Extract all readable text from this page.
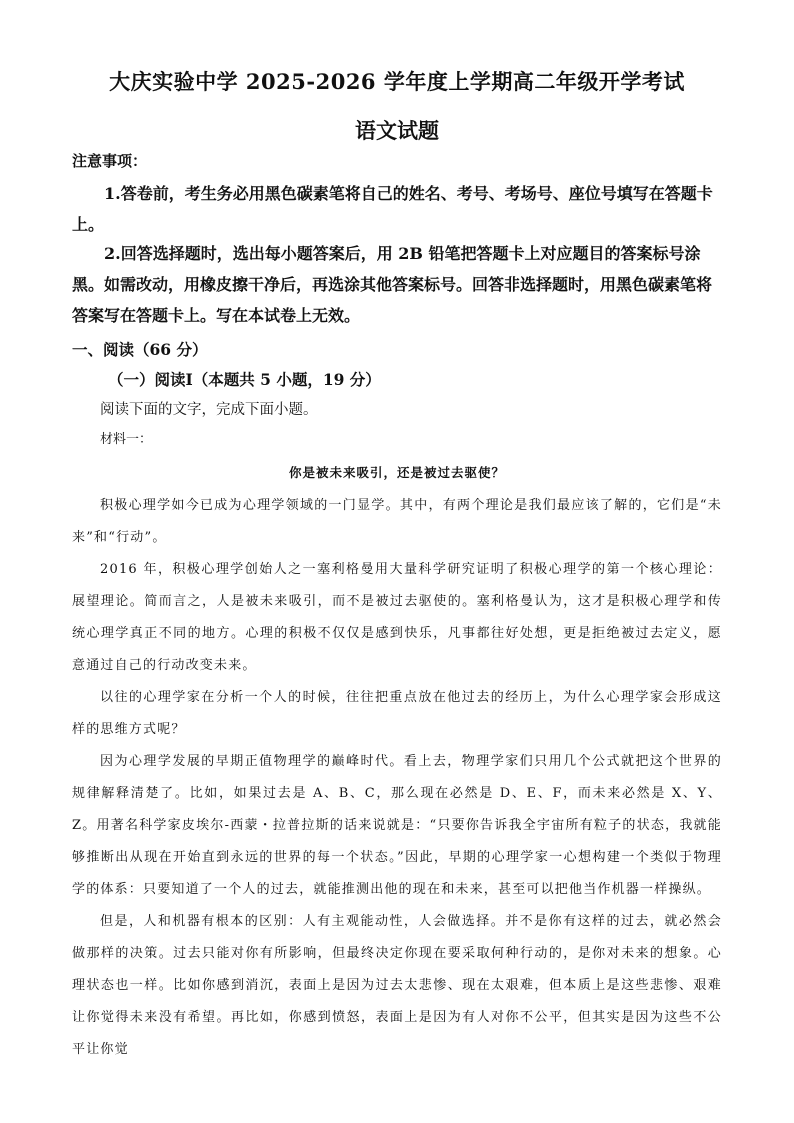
大庆实验中学 2025-2026 学年度上学期高二年级开学考试
语文试题
注意事项：
1.答卷前，考生务必用黑色碳素笔将自己的姓名、考号、考场号、座位号填写在答题卡上。
2.回答选择题时，选出每小题答案后，用 2B 铅笔把答题卡上对应题目的答案标号涂黑。如需改动，用橡皮擦干净后，再选涂其他答案标号。回答非选择题时，用黑色碳素笔将答案写在答题卡上。写在本试卷上无效。
一、阅读（66 分）
（一）阅读Ⅰ（本题共 5 小题，19 分）
阅读下面的文字，完成下面小题。
材料一：
你是被未来吸引，还是被过去驱使？

积极心理学如今已成为心理学领域的一门显学。其中，有两个理论是我们最应该了解的，它们是“未来”和“行动”。

2016 年，积极心理学创始人之一塞利格曼用大量科学研究证明了积极心理学的第一个核心理论：展望理论。简而言之，人是被未来吸引，而不是被过去驱使的。塞利格曼认为，这才是积极心理学和传统心理学真正不同的地方。心理的积极不仅仅是感到快乐，凡事都往好处想，更是拒绝被过去定义，愿意通过自己的行动改变未来。

以往的心理学家在分析一个人的时候，往往把重点放在他过去的经历上，为什么心理学家会形成这样的思维方式呢？

因为心理学发展的早期正值物理学的巅峰时代。看上去，物理学家们只用几个公式就把这个世界的规律解释清楚了。比如，如果过去是 A、B、C，那么现在必然是 D、E、F，而未来必然是 X、Y、Z。用著名科学家皮埃尔-西蒙・拉普拉斯的话来说就是：“只要你告诉我全宇宙所有粒子的状态，我就能够推断出从现在开始直到永远的世界的每一个状态。”因此，早期的心理学家一心想构建一个类似于物理学的体系：只要知道了一个人的过去，就能推测出他的现在和未来，甚至可以把他当作机器一样操纵。

但是，人和机器有根本的区别：人有主观能动性，人会做选择。并不是你有这样的过去，就必然会做那样的决策。过去只能对你有所影响，但最终决定你现在要采取何种行动的，是你对未来的想象。心理状态也一样。比如你感到消沉，表面上是因为过去太悲惨、现在太艰难，但本质上是这些悲惨、艰难让你觉得未来没有希望。再比如，你感到愤怒，表面上是因为有人对你不公平，但其实是因为这些不公平让你觉
